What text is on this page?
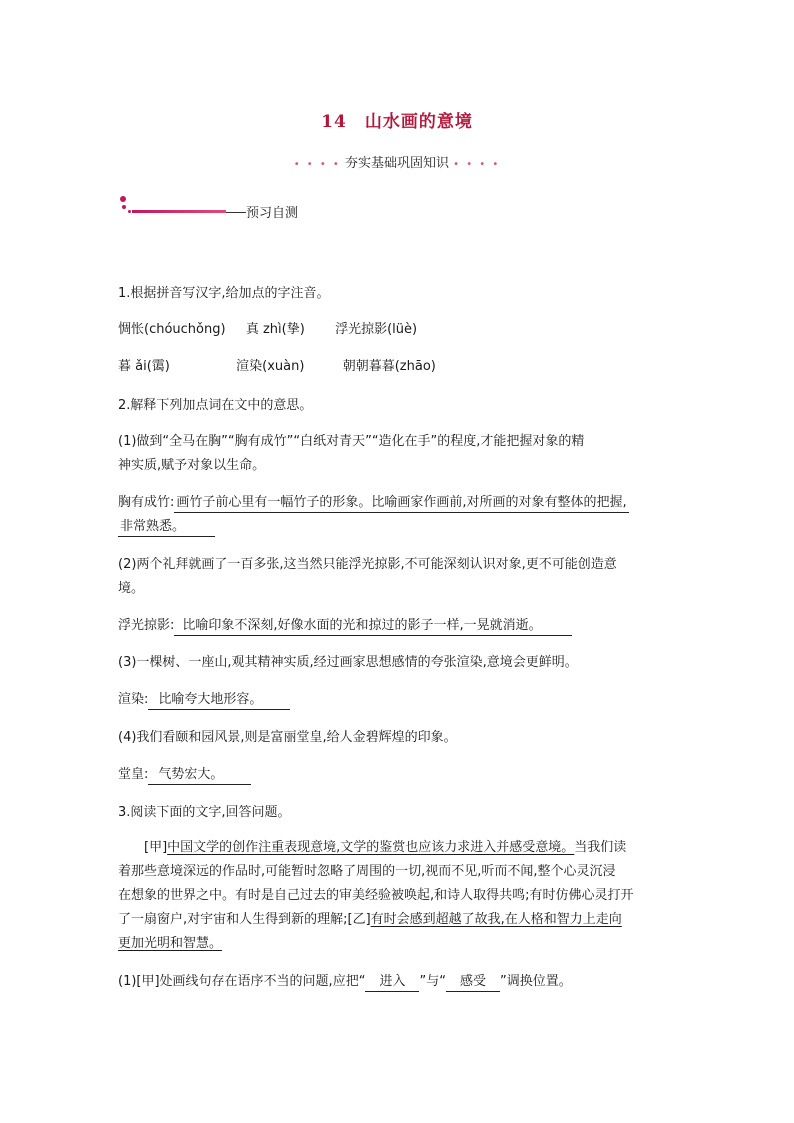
14　山水画的意境
• • • • 夯实基础巩固知识 • • • •
预习自测
1.根据拼音写汉字,给加点的字注音。
惆怅(chóuchǒng) 真 zhì(挚) 浮光掠影(lüè)
暮 ǎi(霭)	渲染(xuàn)	朝朝暮暮(zhāo)
2.解释下列加点词在文中的意思。
(1)做到“全马在胸”“胸有成竹”“白纸对青天”“造化在手”的程度,才能把握对象的精
神实质,赋予对象以生命。
胸有成竹: 画竹子前心里有一幅竹子的形象。比喻画家作画前,对所画的对象有整体的把握,
非常熟悉。
(2)两个礼拜就画了一百多张,这当然只能浮光掠影,不可能深刻认识对象,更不可能创造意
境。
浮光掠影: 比喻印象不深刻,好像水面的光和掠过的影子一样,一晃就消逝。
(3)一棵树、一座山,观其精神实质,经过画家思想感情的夸张渲染,意境会更鲜明。
渲染: 比喻夸大地形容。
(4)我们看颐和园风景,则是富丽堂皇,给人金碧辉煌的印象。
堂皇: 气势宏大。
3.阅读下面的文字,回答问题。
[甲]中国文学的创作注重表现意境,文学的鉴赏也应该力求进入并感受意境。当我们读
着那些意境深远的作品时,可能暂时忽略了周围的一切,视而不见,听而不闻,整个心灵沉浸
在想象的世界之中。有时是自己过去的审美经验被唤起,和诗人取得共鸣;有时仿佛心灵打开
了一扇窗户,对宇宙和人生得到新的理解;[乙]有时会感到超越了故我,在人格和智力上走向
更加光明和智慧。
(1)[甲]处画线句存在语序不当的问题,应把“ 进入 ”与“ 感受 ”调换位置。
